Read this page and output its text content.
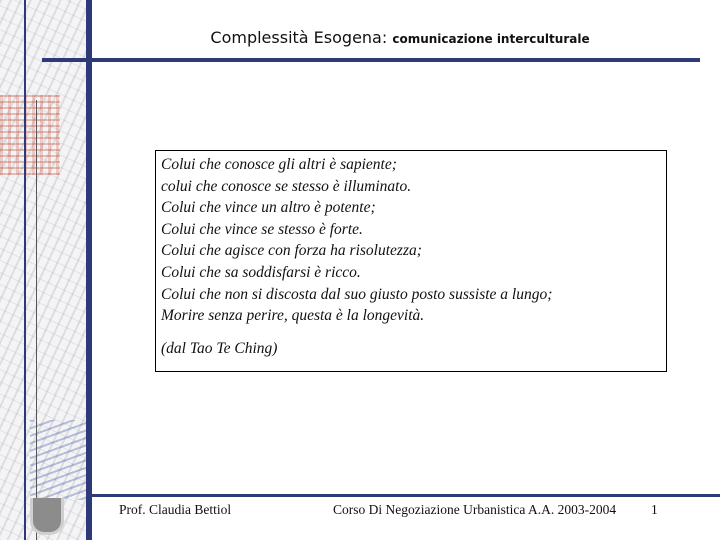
Complessità Esogena: comunicazione interculturale
Colui che conosce gli altri è sapiente;
colui che conosce se stesso è illuminato.
Colui che vince un altro è potente;
Colui che vince se stesso è forte.
Colui che agisce con forza ha risolutezza;
Colui che sa soddisfarsi è ricco.
Colui che non si discosta dal suo giusto posto sussiste a lungo;
Morire senza perire, questa è la longevità.
(dal Tao Te Ching)
Prof. Claudia Bettiol	Corso Di Negoziazione Urbanistica A.A. 2003-2004	1
